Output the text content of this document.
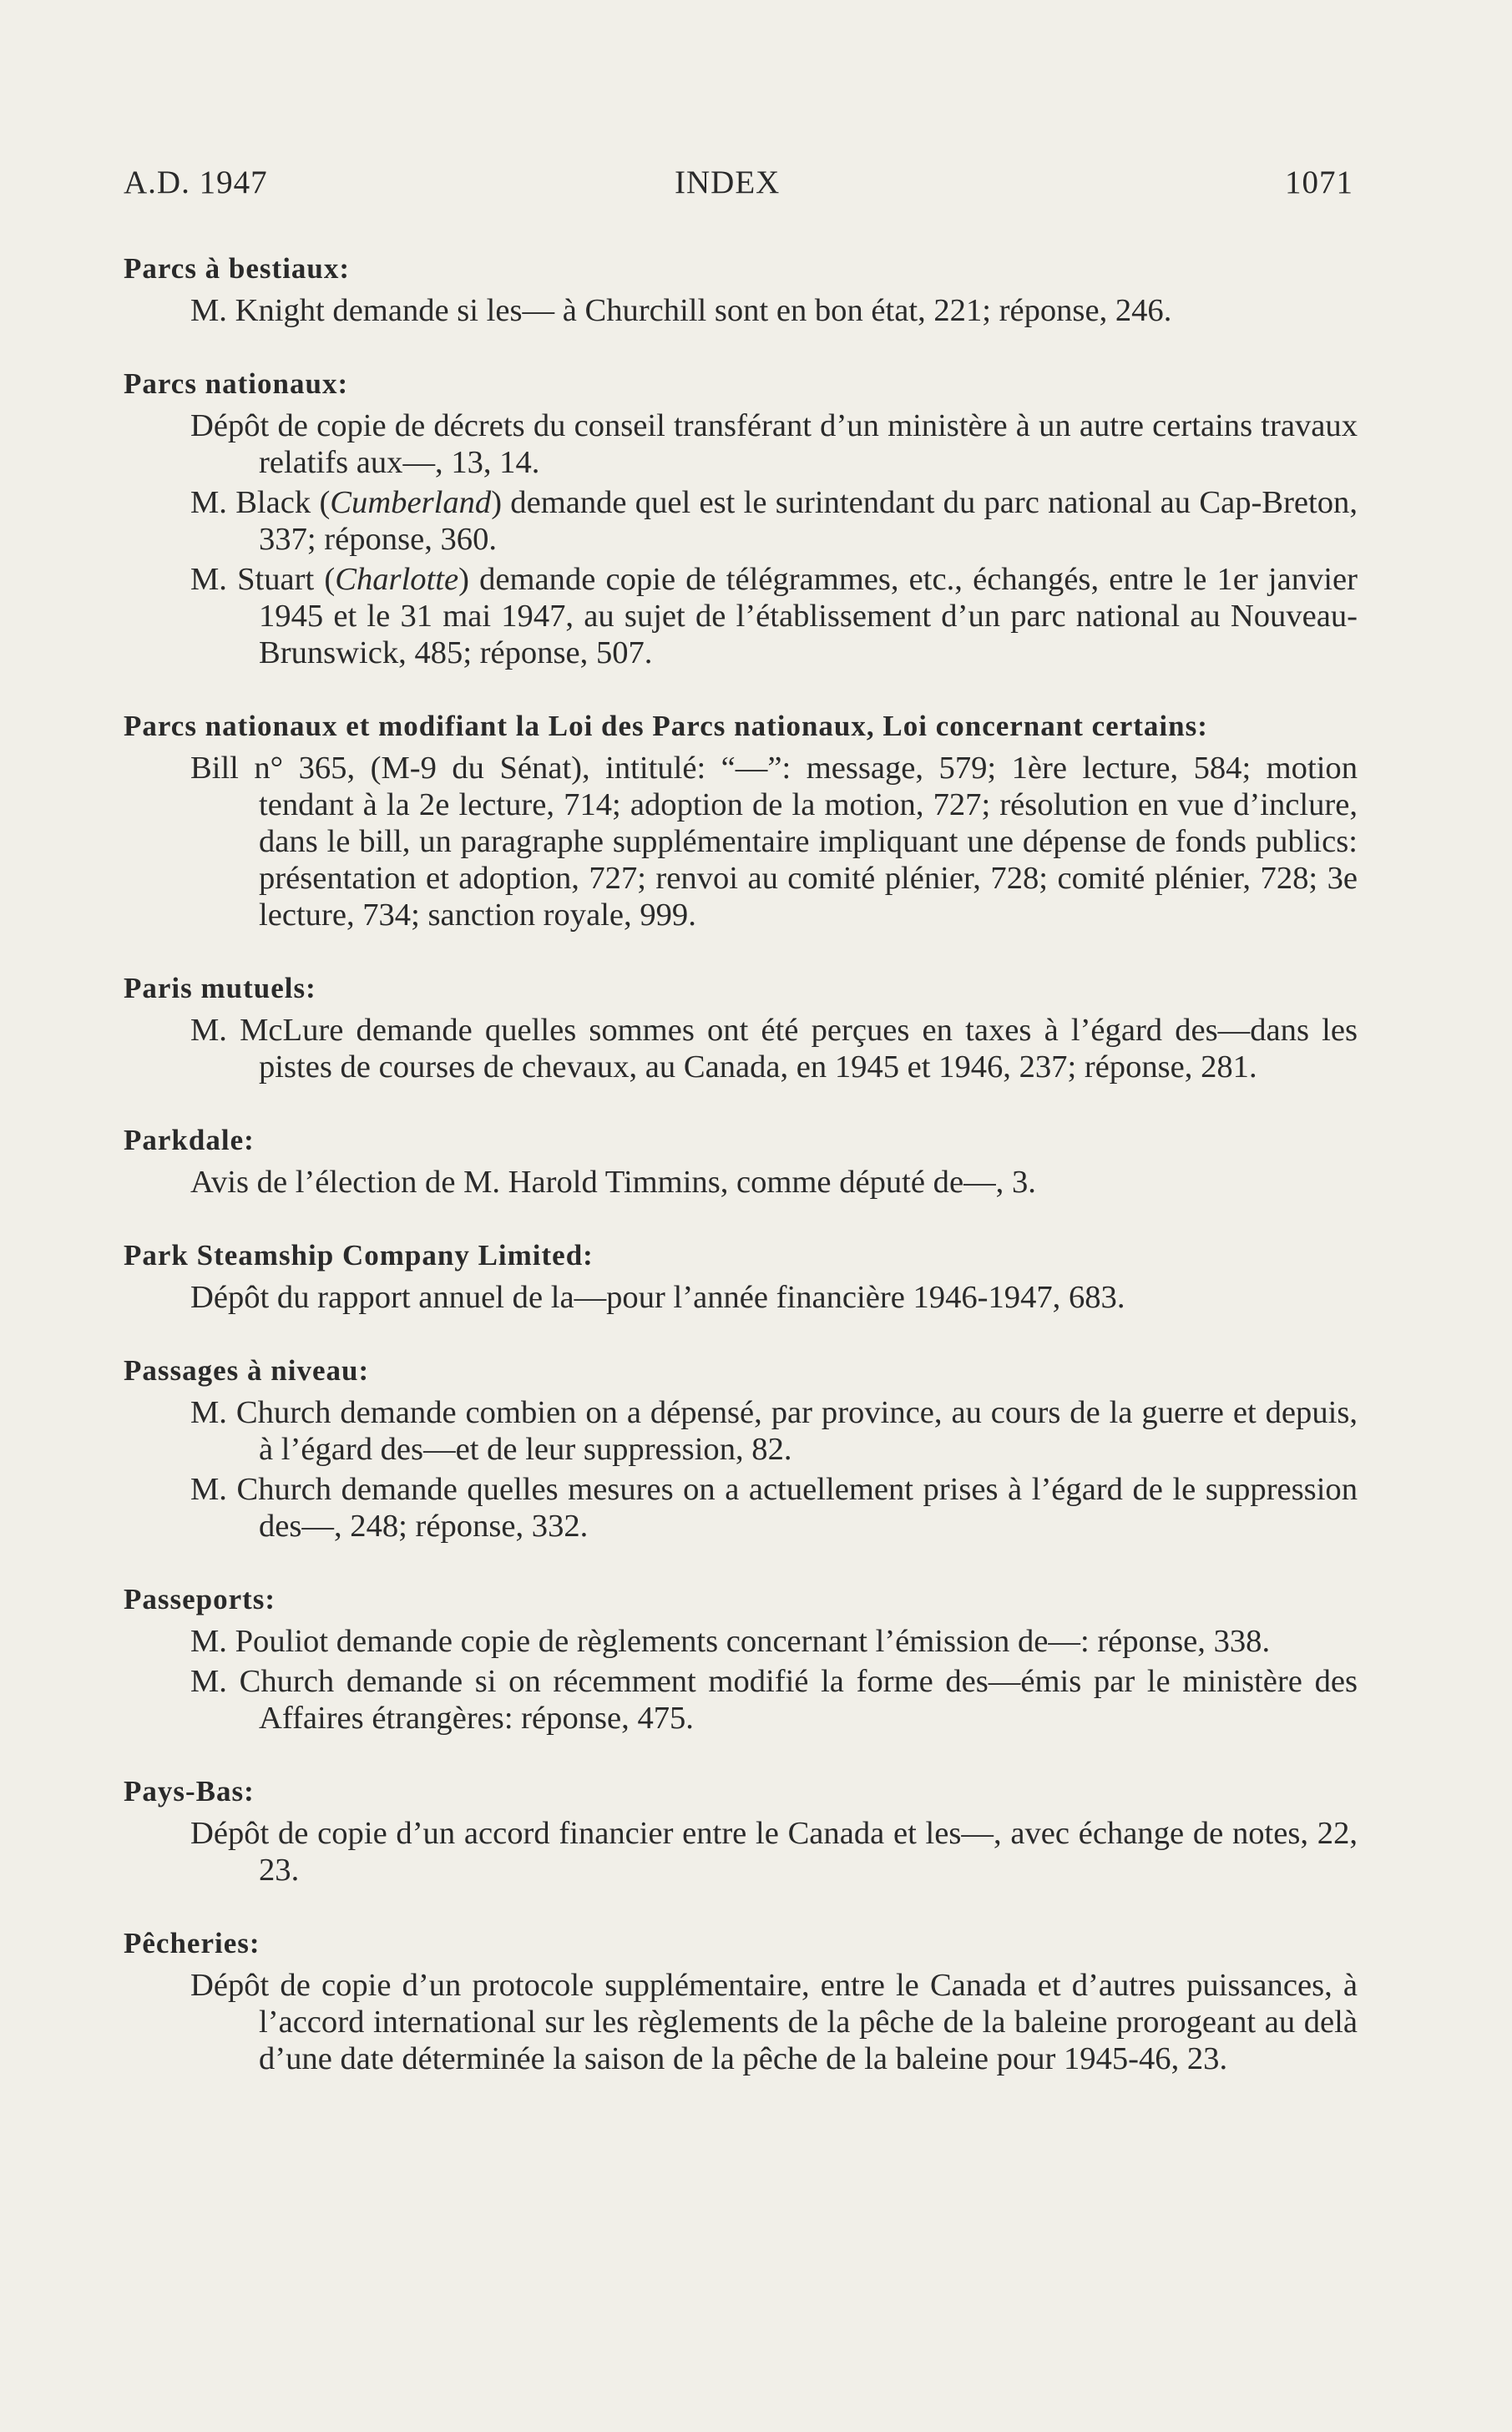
A.D. 1947	INDEX	1071
Parcs à bestiaux:
M. Knight demande si les— à Churchill sont en bon état, 221; réponse, 246.
Parcs nationaux:
Dépôt de copie de décrets du conseil transférant d’un ministère à un autre certains travaux relatifs aux—, 13, 14.
M. Black (Cumberland) demande quel est le surintendant du parc national au Cap-Breton, 337; réponse, 360.
M. Stuart (Charlotte) demande copie de télégrammes, etc., échangés, entre le 1er janvier 1945 et le 31 mai 1947, au sujet de l’établissement d’un parc national au Nouveau-Brunswick, 485; réponse, 507.
Parcs nationaux et modifiant la Loi des Parcs nationaux, Loi concernant certains:
Bill n° 365, (M-9 du Sénat), intitulé: “—”: message, 579; 1ère lecture, 584; motion tendant à la 2e lecture, 714; adoption de la motion, 727; résolution en vue d’inclure, dans le bill, un paragraphe supplémentaire impliquant une dépense de fonds publics: présentation et adoption, 727; renvoi au comité plénier, 728; comité plénier, 728; 3e lecture, 734; sanction royale, 999.
Paris mutuels:
M. McLure demande quelles sommes ont été perçues en taxes à l’égard des—dans les pistes de courses de chevaux, au Canada, en 1945 et 1946, 237; réponse, 281.
Parkdale:
Avis de l’élection de M. Harold Timmins, comme député de—, 3.
Park Steamship Company Limited:
Dépôt du rapport annuel de la—pour l’année financière 1946-1947, 683.
Passages à niveau:
M. Church demande combien on a dépensé, par province, au cours de la guerre et depuis, à l’égard des—et de leur suppression, 82.
M. Church demande quelles mesures on a actuellement prises à l’égard de le suppression des—, 248; réponse, 332.
Passeports:
M. Pouliot demande copie de règlements concernant l’émission de—: réponse, 338.
M. Church demande si on récemment modifié la forme des—émis par le ministère des Affaires étrangères: réponse, 475.
Pays-Bas:
Dépôt de copie d’un accord financier entre le Canada et les—, avec échange de notes, 22, 23.
Pêcheries:
Dépôt de copie d’un protocole supplémentaire, entre le Canada et d’autres puissances, à l’accord international sur les règlements de la pêche de la baleine prorogeant au delà d’une date déterminée la saison de la pêche de la baleine pour 1945-46, 23.
